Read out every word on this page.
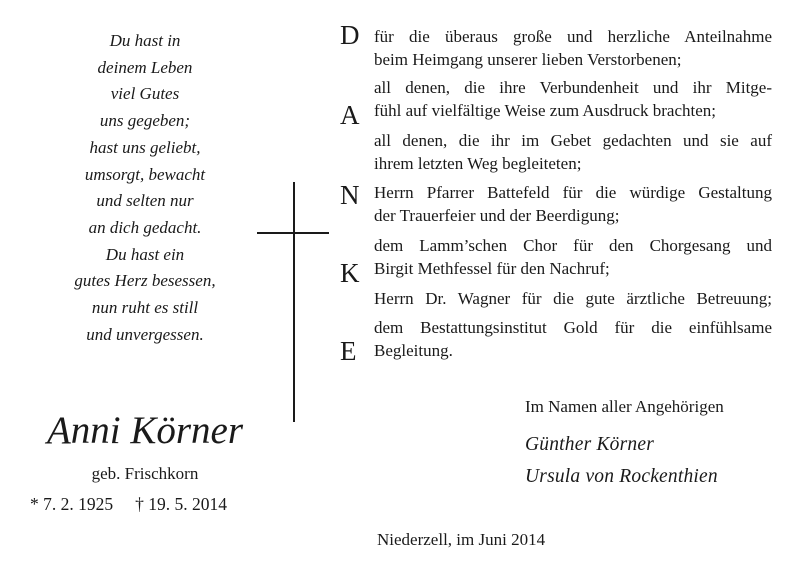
Du hast in
deinem Leben
viel Gutes
uns gegeben;
hast uns geliebt,
umsorgt, bewacht
und selten nur
an dich gedacht.
Du hast ein
gutes Herz besessen,
nun ruht es still
und unvergessen.
Anni Körner
geb. Frischkorn
* 7. 2. 1925 † 19. 5. 2014
D
A
N
K
E
für die überaus große und herzliche Anteilnahme
beim Heimgang unserer lieben Verstorbenen;
all denen, die ihre Verbundenheit und ihr Mitge-
fühl auf vielfältige Weise zum Ausdruck brachten;
all denen, die ihr im Gebet gedachten und sie auf
ihrem letzten Weg begleiteten;
Herrn Pfarrer Battefeld für die würdige Gestaltung
der Trauerfeier und der Beerdigung;
dem Lamm’schen Chor für den Chorgesang und
Birgit Methfessel für den Nachruf;
Herrn Dr. Wagner für die gute ärztliche Betreuung;
dem Bestattungsinstitut Gold für die einfühlsame
Begleitung.
Im Namen aller Angehörigen
Günther Körner
Ursula von Rockenthien
Niederzell, im Juni 2014
